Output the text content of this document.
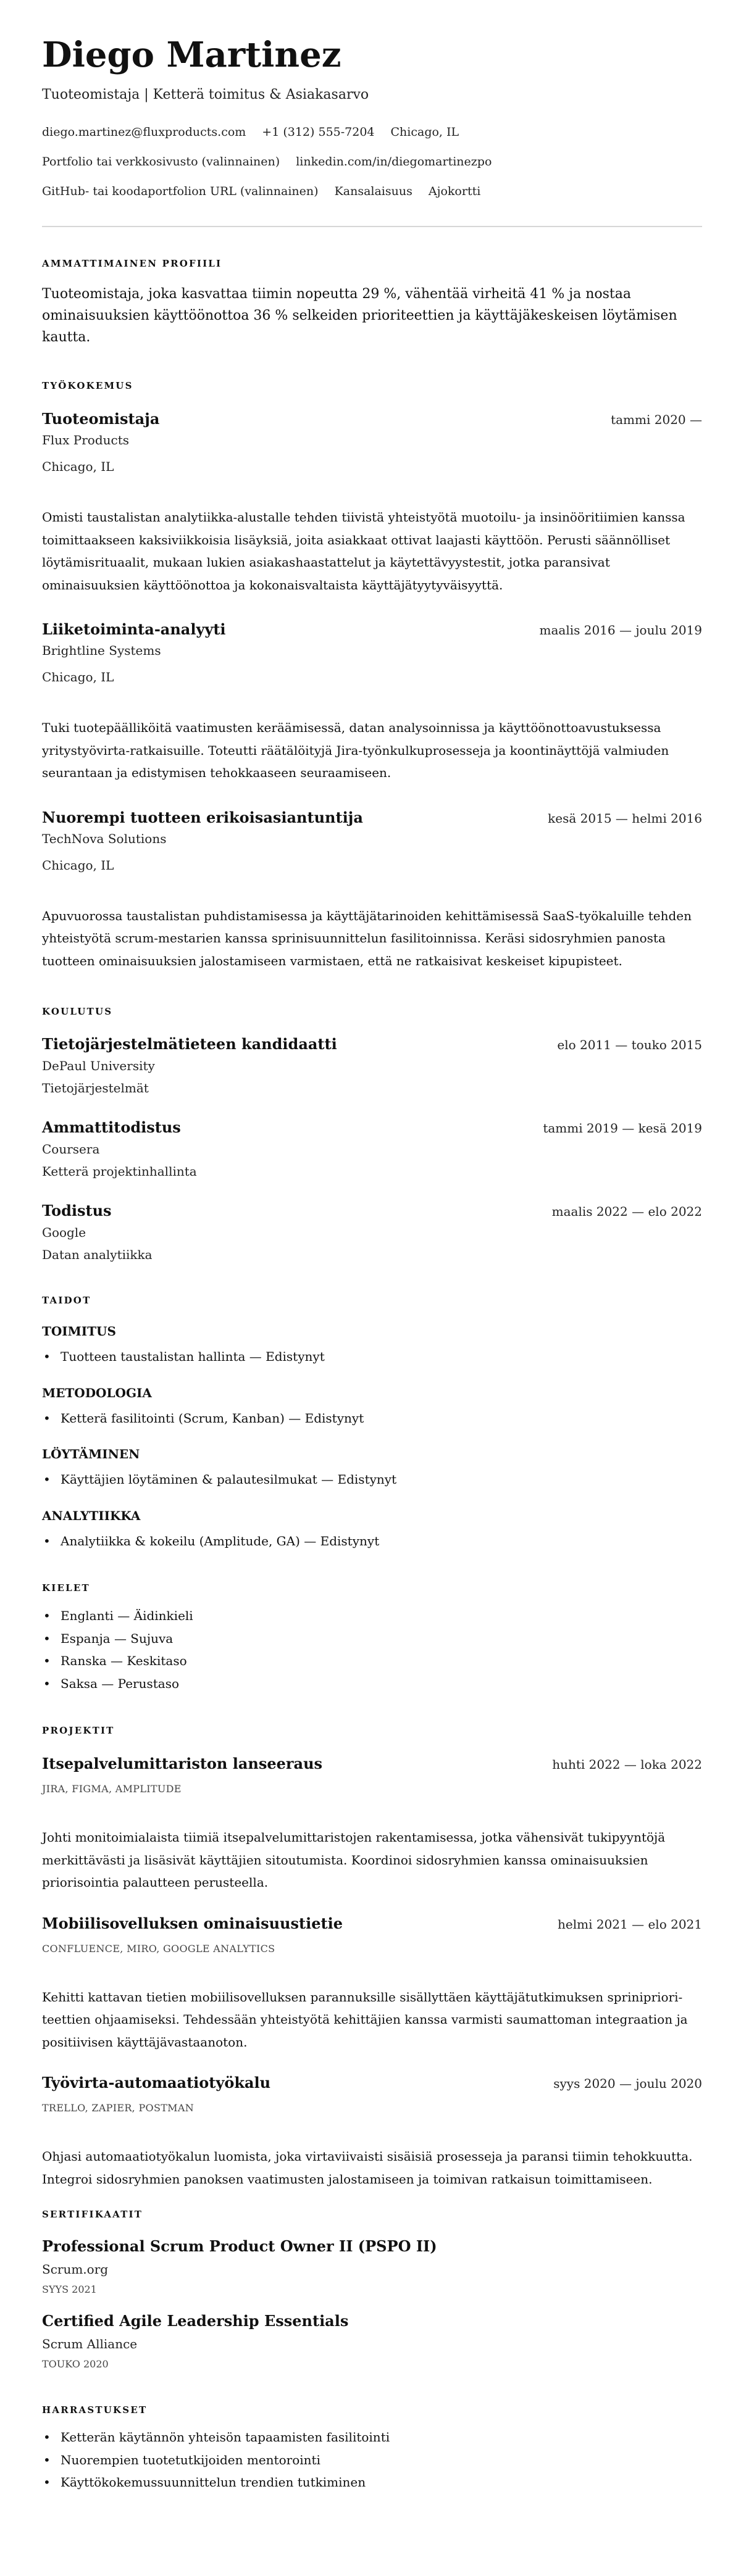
Diego Martinez
Tuoteomistaja | Ketterä toimitus & Asiakasarvo
diego.martinez@fluxproducts.com +1 (312) 555-7204 Chicago, IL
Portfolio tai verkkosivusto (valinnainen) linkedin.com/in/diegomartinezpo
GitHub- tai koodaportfolion URL (valinnainen) Kansalaisuus Ajokortti
AMMATTIMAINEN PROFIILI
Tuoteomistaja, joka kasvattaa tiimin nopeutta 29 %, vähentää virheitä 41 % ja nostaa ominaisuuksien käyttöönottoa 36 % selkeiden prioriteettien ja käyttäjäkeskeisen löytämisen kautta.
TYÖKOKEMUS
Tuoteomistaja	tammi 2020 —
Flux Products
Chicago, IL
Omisti taustalistan analytiikka-alustalle tehden tiivistä yhteistyötä muotoilu- ja insinööritiimien kanssa toimittaakseen kaksiviikkoisia lisäyksiä, joita asiakkaat ottivat laajasti käyttöön. Perusti säännölliset löytämisrituaalit, mukaan lukien asiakashaastattelut ja käytettävyystestit, jotka paransivat ominaisuuksien käyttöönottoa ja kokonaisvaltaista käyttäjätyytyväisyyttä.
Liiketoiminta-analyyti	maalis 2016 — joulu 2019
Brightline Systems
Chicago, IL
Tuki tuotepäälliköitä vaatimusten keräämisessä, datan analysoinnissa ja käyttöönottoavustuksessa yritystyövirta-ratkaisuille. Toteutti räätälöityjä Jira-työnkulkuprosesseja ja koontinäyttöjä valmiuden seurantaan ja edistymisen tehokkaaseen seuraamiseen.
Nuorempi tuotteen erikoisasiantuntija	kesä 2015 — helmi 2016
TechNova Solutions
Chicago, IL
Apuvuorossa taustalistan puhdistamisessa ja käyttäjätarinoiden kehittämisessä SaaS-työkaluille tehden yhteistyötä scrum-mestarien kanssa sprinisuunnittelun fasilitoinnissa. Keräsi sidosryhmien panosta tuotteen ominaisuuksien jalostamiseen varmistaen, että ne ratkaisivat keskeiset kipupisteet.
KOULUTUS
Tietojärjestelmätieteen kandidaatti	elo 2011 — touko 2015
DePaul University
Tietojärjestelmät
Ammattitodistus	tammi 2019 — kesä 2019
Coursera
Ketterä projektinhallinta
Todistus	maalis 2022 — elo 2022
Google
Datan analytiikka
TAIDOT
TOIMITUS
• Tuotteen taustalistan hallinta — Edistynyt
METODOLOGIA
• Ketterä fasilitointi (Scrum, Kanban) — Edistynyt
LÖYTÄMINEN
• Käyttäjien löytäminen & palautesilmukat — Edistynyt
ANALYTIIKKA
• Analytiikka & kokeilu (Amplitude, GA) — Edistynyt
KIELET
• Englanti — Äidinkieli
• Espanja — Sujuva
• Ranska — Keskitaso
• Saksa — Perustaso
PROJEKTIT
Itsepalvelumittariston lanseeraus	huhti 2022 — loka 2022
JIRA, FIGMA, AMPLITUDE
Johti monitoimialaista tiimiä itsepalvelumittaristojen rakentamisessa, jotka vähensivät tukipyyntöjä merkittävästi ja lisäsivät käyttäjien sitoutumista. Koordinoi sidosryhmien kanssa ominaisuuksien priorisointia palautteen perusteella.
Mobiilisovelluksen ominaisuustietie	helmi 2021 — elo 2021
CONFLUENCE, MIRO, GOOGLE ANALYTICS
Kehitti kattavan tietien mobiilisovelluksen parannuksille sisällyttäen käyttäjätutkimuksen spriniprioriteettien ohjaamiseksi. Tehdessään yhteistyötä kehittäjien kanssa varmisti saumattoman integraation ja positiivisen käyttäjävastaanoton.
Työvirta-automaatiotyökalu	syys 2020 — joulu 2020
TRELLO, ZAPIER, POSTMAN
Ohjasi automaatiotyökalun luomista, joka virtaviivaisti sisäisiä prosesseja ja paransi tiimin tehokkuutta. Integroi sidosryhmien panoksen vaatimusten jalostamiseen ja toimivan ratkaisun toimittamiseen.
SERTIFIKAATIT
Professional Scrum Product Owner II (PSPO II)
Scrum.org
SYYS 2021
Certified Agile Leadership Essentials
Scrum Alliance
TOUKO 2020
HARRASTUKSET
• Ketterän käytännön yhteisön tapaamisten fasilitointi
• Nuorempien tuotetutkijoiden mentorointi
• Käyttökokemussuunnittelun trendien tutkiminen
